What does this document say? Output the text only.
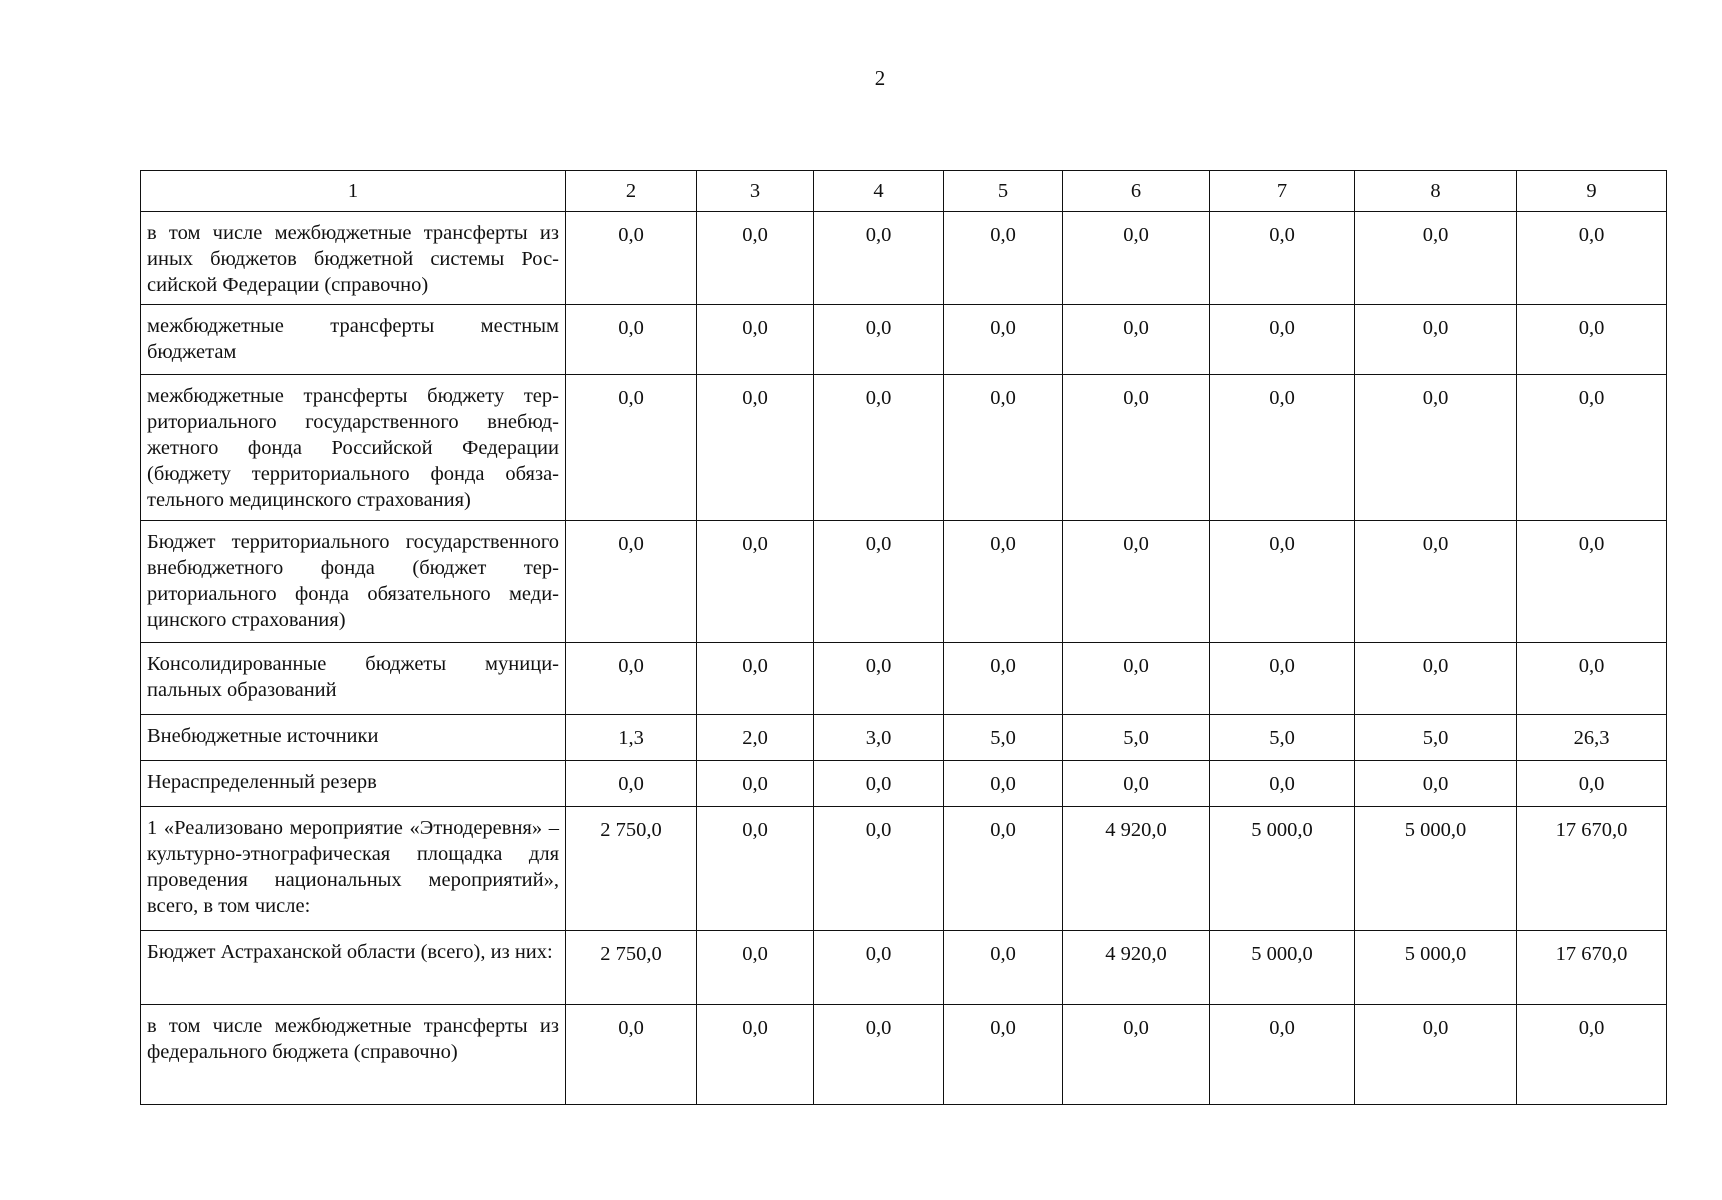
2
1	2	3	4	5	6	7	8	9
в том числе межбюджетные трансферты из иных бюджетов бюджетной системы Российской Федерации (справочно)	0,0	0,0	0,0	0,0	0,0	0,0	0,0	0,0
межбюджетные трансферты местным бюджетам	0,0	0,0	0,0	0,0	0,0	0,0	0,0	0,0
межбюджетные трансферты бюджету территориального государственного внебюджетного фонда Российской Федерации (бюджету территориального фонда обязательного медицинского страхования)	0,0	0,0	0,0	0,0	0,0	0,0	0,0	0,0
Бюджет территориального государственного внебюджетного фонда (бюджет территориального фонда обязательного медицинского страхования)	0,0	0,0	0,0	0,0	0,0	0,0	0,0	0,0
Консолидированные бюджеты муниципальных образований	0,0	0,0	0,0	0,0	0,0	0,0	0,0	0,0
Внебюджетные источники	1,3	2,0	3,0	5,0	5,0	5,0	5,0	26,3
Нераспределенный резерв	0,0	0,0	0,0	0,0	0,0	0,0	0,0	0,0
1 «Реализовано мероприятие «Этнодеревня» – культурно-этнографическая площадка для проведения национальных мероприятий», всего, в том числе:	2 750,0	0,0	0,0	0,0	4 920,0	5 000,0	5 000,0	17 670,0
Бюджет Астраханской области (всего), из них:	2 750,0	0,0	0,0	0,0	4 920,0	5 000,0	5 000,0	17 670,0
в том числе межбюджетные трансферты из федерального бюджета (справочно)	0,0	0,0	0,0	0,0	0,0	0,0	0,0	0,0
